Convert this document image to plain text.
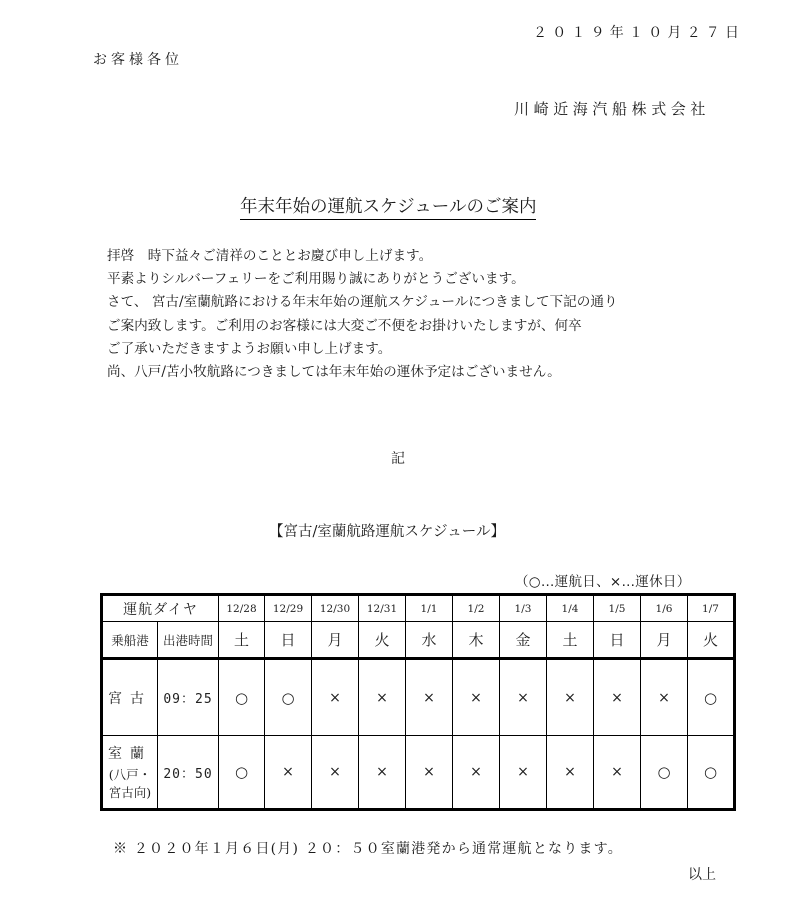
２０１９年１０月２７日
お客様各位
川崎近海汽船株式会社
年末年始の運航スケジュールのご案内
拝啓　時下益々ご清祥のこととお慶び申し上げます。
平素よりシルバーフェリーをご利用賜り誠にありがとうございます。
さて、 宮古/室蘭航路における年末年始の運航スケジュールにつきまして下記の通り
ご案内致します。ご利用のお客様には大変ご不便をお掛けいたしますが、何卒
ご了承いただきますようお願い申し上げます。
尚、八戸/苫小牧航路につきましては年末年始の運休予定はございません。
記
【宮古/室蘭航路運航スケジュール】
（○…運航日、×…運休日）
運航ダイヤ		12/28	12/29	12/30	12/31	1/1	1/2	1/3	1/4	1/5	1/6	1/7
乗船港	出港時間	土	日	月	火	水	木	金	土	日	月	火
宮古	09：25	○	○	×	×	×	×	×	×	×	×	○
室蘭
(八戸・宮古向)	20：50	○	×	×	×	×	×	×	×	×	○	○
※ ２０２０年１月６日(月) ２０：５０室蘭港発から通常運航となります。
以上
